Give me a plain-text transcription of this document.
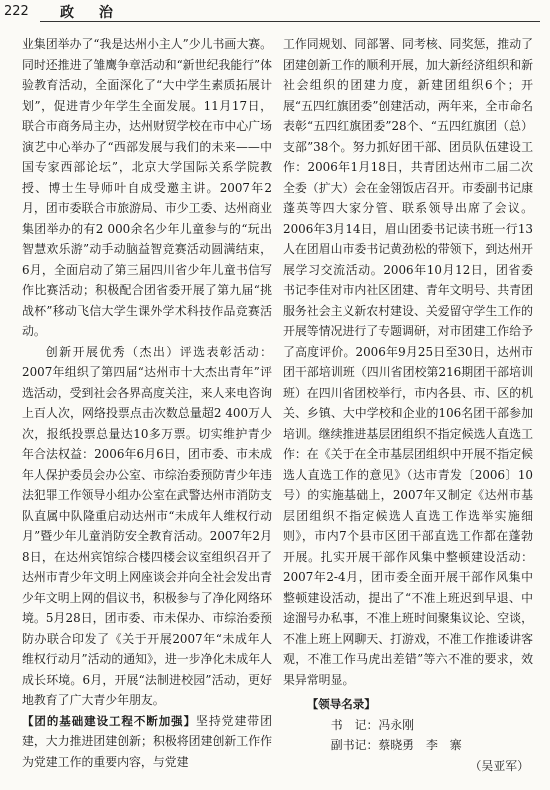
222 政 治

业集团举办了“我是达州小主人”少儿书画大赛。同时还推进了雏鹰争章活动和“新世纪我能行”体验教育活动，全面深化了“大中学生素质拓展计划”，促进青少年学生全面发展。11月17日，联合市商务局主办，达州财贸学校在市中心广场演艺中心举办了“西部发展与我们的未来——中国专家西部论坛”，北京大学国际关系学院教授、博士生导师叶自成受邀主讲。2007年2月，团市委联合市旅游局、市少工委、达州商业集团举办的有2 000余名少年儿童参与的“玩出智慧欢乐游”动手动脑益智竞赛活动圆满结束，6月，全面启动了第三届四川省少年儿童书信写作比赛活动；积极配合团省委开展了第九届“挑战杯”移动飞信大学生课外学术科技作品竞赛活动。

创新开展优秀（杰出）评选表彰活动：2007年组织了第四届“达州市十大杰出青年”评选活动，受到社会各界高度关注，来人来电咨询上百人次，网络投票点击次数总量超2 400万人次，报纸投票总量达10多万票。切实维护青少年合法权益：2006年6月6日，团市委、市未成年人保护委员会办公室、市综治委预防青少年违法犯罪工作领导小组办公室在武警达州市消防支队直属中队隆重启动达州市“未成年人维权行动月”暨少年儿童消防安全教育活动。2007年2月8日，在达州宾馆综合楼四楼会议室组织召开了达州市青少年文明上网座谈会并向全社会发出青少年文明上网的倡议书，积极参与了净化网络环境。5月28日，团市委、市未保办、市综治委预防办联合印发了《关于开展2007年“未成年人维权行动月”活动的通知》，进一步净化未成年人成长环境。6月，开展“法制进校园”活动，更好地教育了广大青少年朋友。

【团的基础建设工程不断加强】坚持党建带团建，大力推进团建创新；积极将团建创新工作作为党建工作的重要内容，与党建

工作同规划、同部署、同考核、同奖惩，推动了团建创新工作的顺利开展，加大新经济组织和新社会组织的团建力度，新建团组织6个；开展“五四红旗团委”创建活动，两年来，全市命名表彰“五四红旗团委”28个、“五四红旗团（总）支部”38个。努力抓好团干部、团员队伍建设工作：2006年1月18日，共青团达州市二届二次全委（扩大）会在金翎饭店召开。市委副书记康蓬英等四大家分管、联系领导出席了会议。2006年3月14日，眉山团委书记读书班一行13人在团眉山市委书记黄劲松的带领下，到达州开展学习交流活动。2006年10月12日，团省委书记李佳对市内社区团建、青年文明号、共青团服务社会主义新农村建设、关爱留守学生工作的开展等情况进行了专题调研，对市团建工作给予了高度评价。2006年9月25日至30日，达州市团干部培训班（四川省团校第216期团干部培训班）在四川省团校举行，市内各县、市、区的机关、乡镇、大中学校和企业的106名团干部参加培训。继续推进基层团组织不指定候选人直选工作：在《关于在全市基层团组织中开展不指定候选人直选工作的意见》（达市青发〔2006〕10号）的实施基础上，2007年又制定《达州市基层团组织不指定候选人直选工作选举实施细则》，市内7个县市区团干部直选工作都在蓬勃开展。扎实开展干部作风集中整顿建设活动：2007年2-4月，团市委全面开展干部作风集中整顿建设活动，提出了“不准上班迟到早退、中途溜号办私事，不准上班时间聚集议论、空谈，不准上班上网聊天、打游戏，不准工作推诿讲客观，不准工作马虎出差错”等六不准的要求，效果异常明显。

【领导名录】

书　记：冯永刚

副书记：蔡晓勇　李　寨

（吴亚军）
